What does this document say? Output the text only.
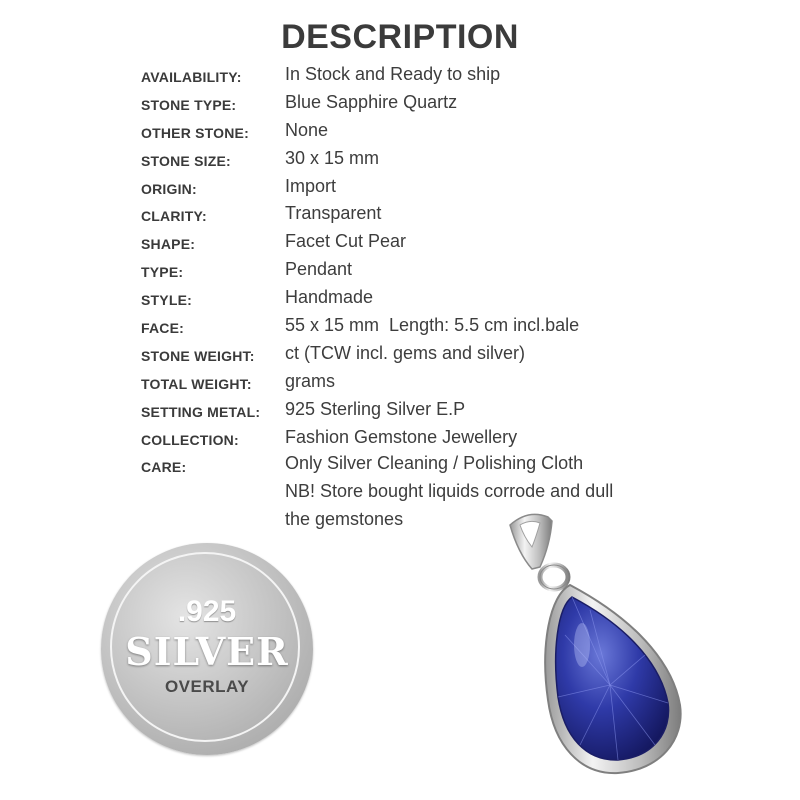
DESCRIPTION
AVAILABILITY: In Stock and Ready to ship
STONE TYPE:	Blue Sapphire Quartz
OTHER STONE: None
STONE SIZE:	30 x 15 mm
ORIGIN:	Import
CLARITY:	Transparent
SHAPE:	Facet Cut Pear
TYPE:	Pendant
STYLE:	Handmade
FACE:	55 x 15 mm  Length: 5.5 cm incl.bale
STONE WEIGHT: ct (TCW incl. gems and silver)
TOTAL WEIGHT: grams
SETTING METAL: 925 Sterling Silver E.P
COLLECTION:	Fashion Gemstone Jewellery
CARE:	Only Silver Cleaning / Polishing Cloth
NB! Store bought liquids corrode and dull
the gemstones
.925
SILVER
OVERLAY
